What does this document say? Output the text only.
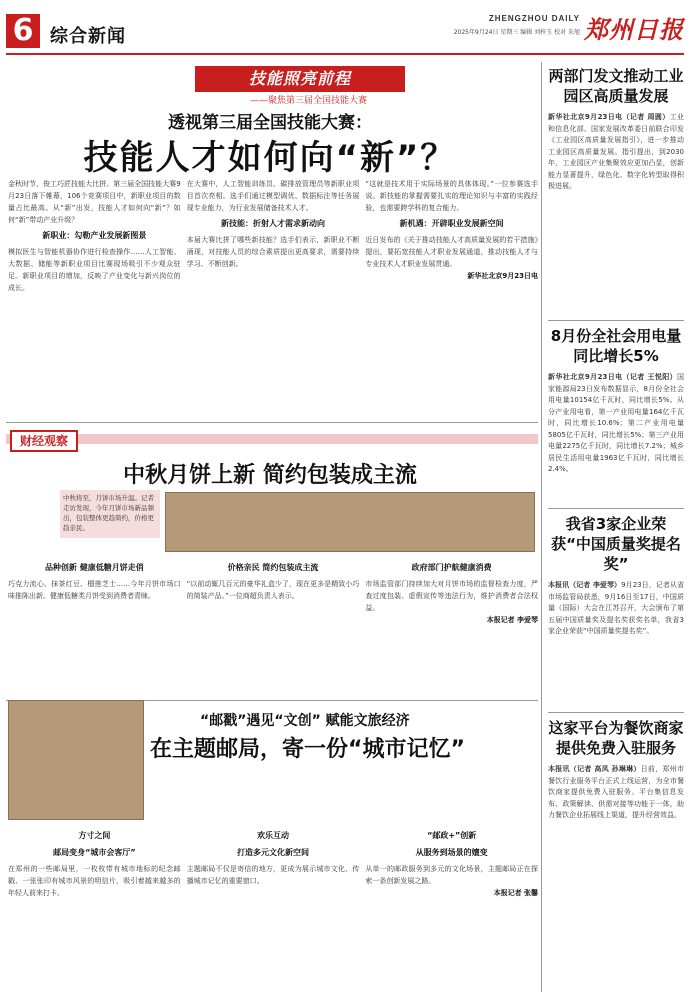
6 综合新闻
ZHENGZHOU DAILY
2025年9月24日 星期三 编辑 刘梓玉 校对 朱旭 郑州日报
技能照亮前程
——聚焦第三届全国技能大赛
透视第三届全国技能大赛：
技能人才如何向“新”？

金秋时节，俊工巧匠技能大比拼。第三届全国技能大赛9月23日落下帷幕，106个竞赛项目中，新职业项目的数量占比最高。从“新”出发，技能人才如何向“新”？如何“新”带动产业升级？

新职业：勾勒产业发展新图景

模拟医生与智能机器协作进行检查操作……人工智能、大数据、储能等新职业项目比赛现场吸引不少观众驻足。新职业项目的增加，反映了产业变化与新兴岗位的成长。

在大赛中，人工智能训练员、碳排放管理员等新职业项目首次亮相。选手们通过模型调优、数据标注等任务展现专业能力，为行业发展储备技术人才。

新技能：折射人才需求新动向

本届大赛比拼了哪些新技能？选手们表示，新职业不断涌现，对技能人员的综合素质提出更高要求，需要持续学习、不断创新。

“这就是技术用于实际场景的具体体现。”一位参赛选手说。新技能的掌握需要扎实的理论知识与丰富的实践经验，也需要跨学科的复合能力。

新机遇：开辟职业发展新空间

近日发布的《关于推动技能人才高质量发展的若干措施》提出，要拓宽技能人才职业发展通道，推动技能人才与专业技术人才职业发展贯通。

新华社北京9月23日电
财经观察
中秋月饼上新 简约包装成主流
中秋将至，月饼市场升温。记者走访发现，今年月饼市场新品频出，包装整体更趋简约，价格更趋亲民。
品种创新 健康低糖月饼走俏

巧克力流心、抹茶红豆、榴莲芝士……今年月饼市场口味推陈出新。健康低糖类月饼受到消费者青睐。

价格亲民 简约包装成主流

“以前动辄几百元的豪华礼盒少了，现在更多是精致小巧的简装产品。”一位商超负责人表示。

政府部门护航健康消费

市场监管部门持续加大对月饼市场的监督检查力度，严查过度包装、虚假宣传等违法行为，维护消费者合法权益。

本报记者 李爱琴
“邮戳”遇见“文创” 赋能文旅经济
在主题邮局，寄一份“城市记忆”
方寸之间
邮局变身“城市会客厅”

在郑州的一些邮局里，一枚枚带有城市地标的纪念邮戳、一张张印有城市风景的明信片，吸引着越来越多的年轻人前来打卡。

欢乐互动
打造多元文化新空间

主题邮局不仅是寄信的地方，更成为展示城市文化、传播城市记忆的重要窗口。

“邮政+”创新
从服务到场景的嬗变

从单一的邮政服务到多元的文化场景，主题邮局正在探索一条创新发展之路。

本报记者 张馨
两部门发文推动工业园区高质量发展
新华社北京9月23日电（记者 周圆）工业和信息化部、国家发展改革委日前联合印发《工业园区高质量发展指引》，进一步推动工业园区高质量发展。指引提出，到2030年，工业园区产业集聚效应更加凸显，创新能力显著提升，绿色化、数字化转型取得积极进展。
8月份全社会用电量同比增长5%
新华社北京9月23日电（记者 王悦阳）国家能源局23日发布数据显示，8月份全社会用电量10154亿千瓦时，同比增长5%。从分产业用电看，第一产业用电量164亿千瓦时，同比增长10.6%；第二产业用电量5805亿千瓦时，同比增长5%；第三产业用电量2275亿千瓦时，同比增长7.2%；城乡居民生活用电量1963亿千瓦时，同比增长2.4%。
我省3家企业荣获“中国质量奖提名奖”
本报讯（记者 李爱琴）9月23日，记者从省市场监管局获悉，9月16日至17日，中国质量（国际）大会在江苏召开，大会颁布了第五届中国质量奖及提名奖获奖名单，我省3家企业荣获“中国质量奖提名奖”。
这家平台为餐饮商家提供免费入驻服务
本报讯（记者 高凤 孙琳琳）日前，郑州市餐饮行业服务平台正式上线运营，为全市餐饮商家提供免费入驻服务。平台集信息发布、政策解读、供需对接等功能于一体，助力餐饮企业拓展线上渠道，提升经营效益。
